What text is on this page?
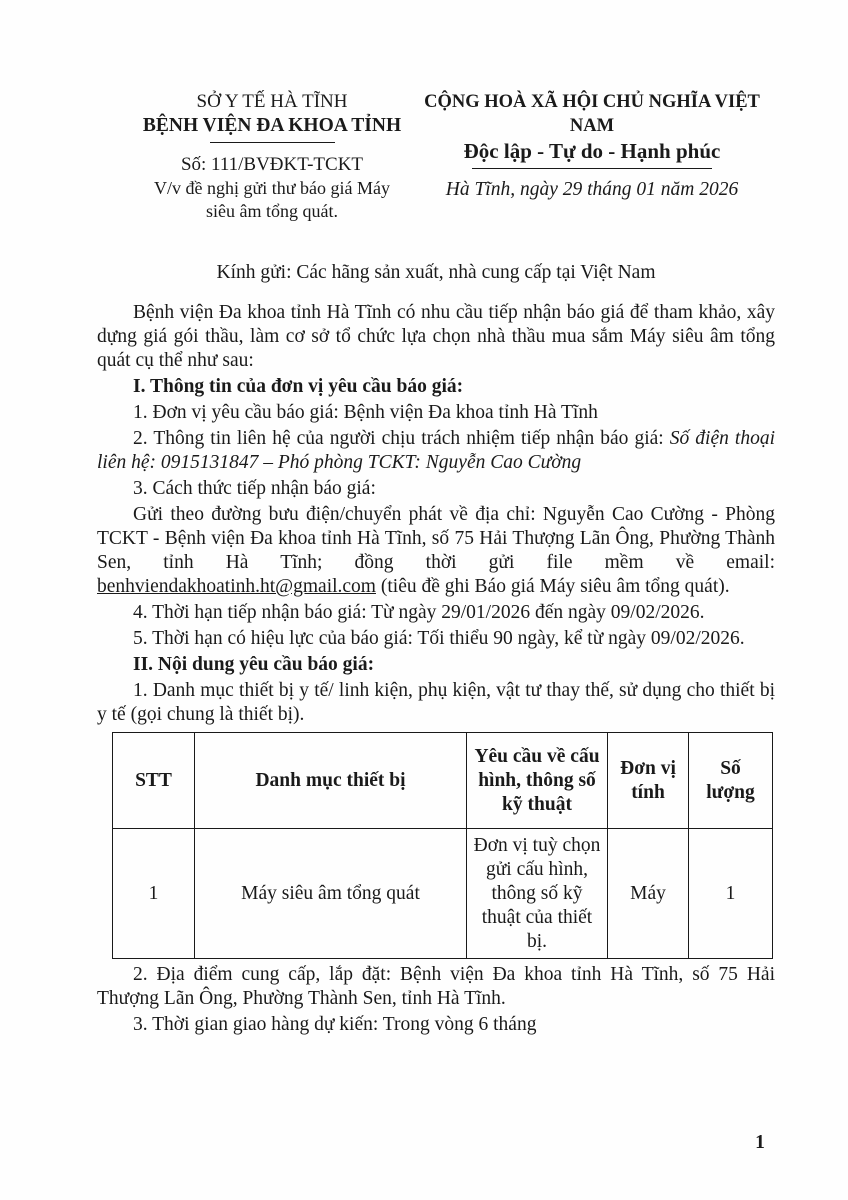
SỞ Y TẾ HÀ TĨNH
BỆNH VIỆN ĐA KHOA TỈNH
Số: 111/BVĐKT-TCKT
V/v đề nghị gửi thư báo giá Máy
siêu âm tổng quát.
CỘNG HOÀ XÃ HỘI CHỦ NGHĨA VIỆT NAM
Độc lập - Tự do - Hạnh phúc
Hà Tĩnh, ngày 29 tháng 01 năm 2026

Kính gửi: Các hãng sản xuất, nhà cung cấp tại Việt Nam

Bệnh viện Đa khoa tỉnh Hà Tĩnh có nhu cầu tiếp nhận báo giá để tham khảo, xây dựng giá gói thầu, làm cơ sở tổ chức lựa chọn nhà thầu mua sắm Máy siêu âm tổng quát cụ thể như sau:

I. Thông tin của đơn vị yêu cầu báo giá:

1. Đơn vị yêu cầu báo giá: Bệnh viện Đa khoa tỉnh Hà Tĩnh

2. Thông tin liên hệ của người chịu trách nhiệm tiếp nhận báo giá: Số điện thoại liên hệ: 0915131847 – Phó phòng TCKT: Nguyễn Cao Cường

3. Cách thức tiếp nhận báo giá:

Gửi theo đường bưu điện/chuyển phát về địa chỉ: Nguyễn Cao Cường - Phòng TCKT - Bệnh viện Đa khoa tỉnh Hà Tĩnh, số 75 Hải Thượng Lãn Ông, Phường Thành Sen, tỉnh Hà Tĩnh; đồng thời gửi file mềm về email: benhviendakhoatinh.ht@gmail.com (tiêu đề ghi Báo giá Máy siêu âm tổng quát).

4. Thời hạn tiếp nhận báo giá: Từ ngày 29/01/2026 đến ngày 09/02/2026.

5. Thời hạn có hiệu lực của báo giá: Tối thiểu 90 ngày, kể từ ngày 09/02/2026.

II. Nội dung yêu cầu báo giá:

1. Danh mục thiết bị y tế/ linh kiện, phụ kiện, vật tư thay thế, sử dụng cho thiết bị y tế (gọi chung là thiết bị).

STT	Danh mục thiết bị	Yêu cầu về cấu hình, thông số kỹ thuật	Đơn vị tính	Số lượng
1	Máy siêu âm tổng quát	Đơn vị tuỳ chọn gửi cấu hình, thông số kỹ thuật của thiết bị.	Máy	1

2. Địa điểm cung cấp, lắp đặt: Bệnh viện Đa khoa tỉnh Hà Tĩnh, số 75 Hải Thượng Lãn Ông, Phường Thành Sen, tỉnh Hà Tĩnh.

3. Thời gian giao hàng dự kiến: Trong vòng 6 tháng

1
